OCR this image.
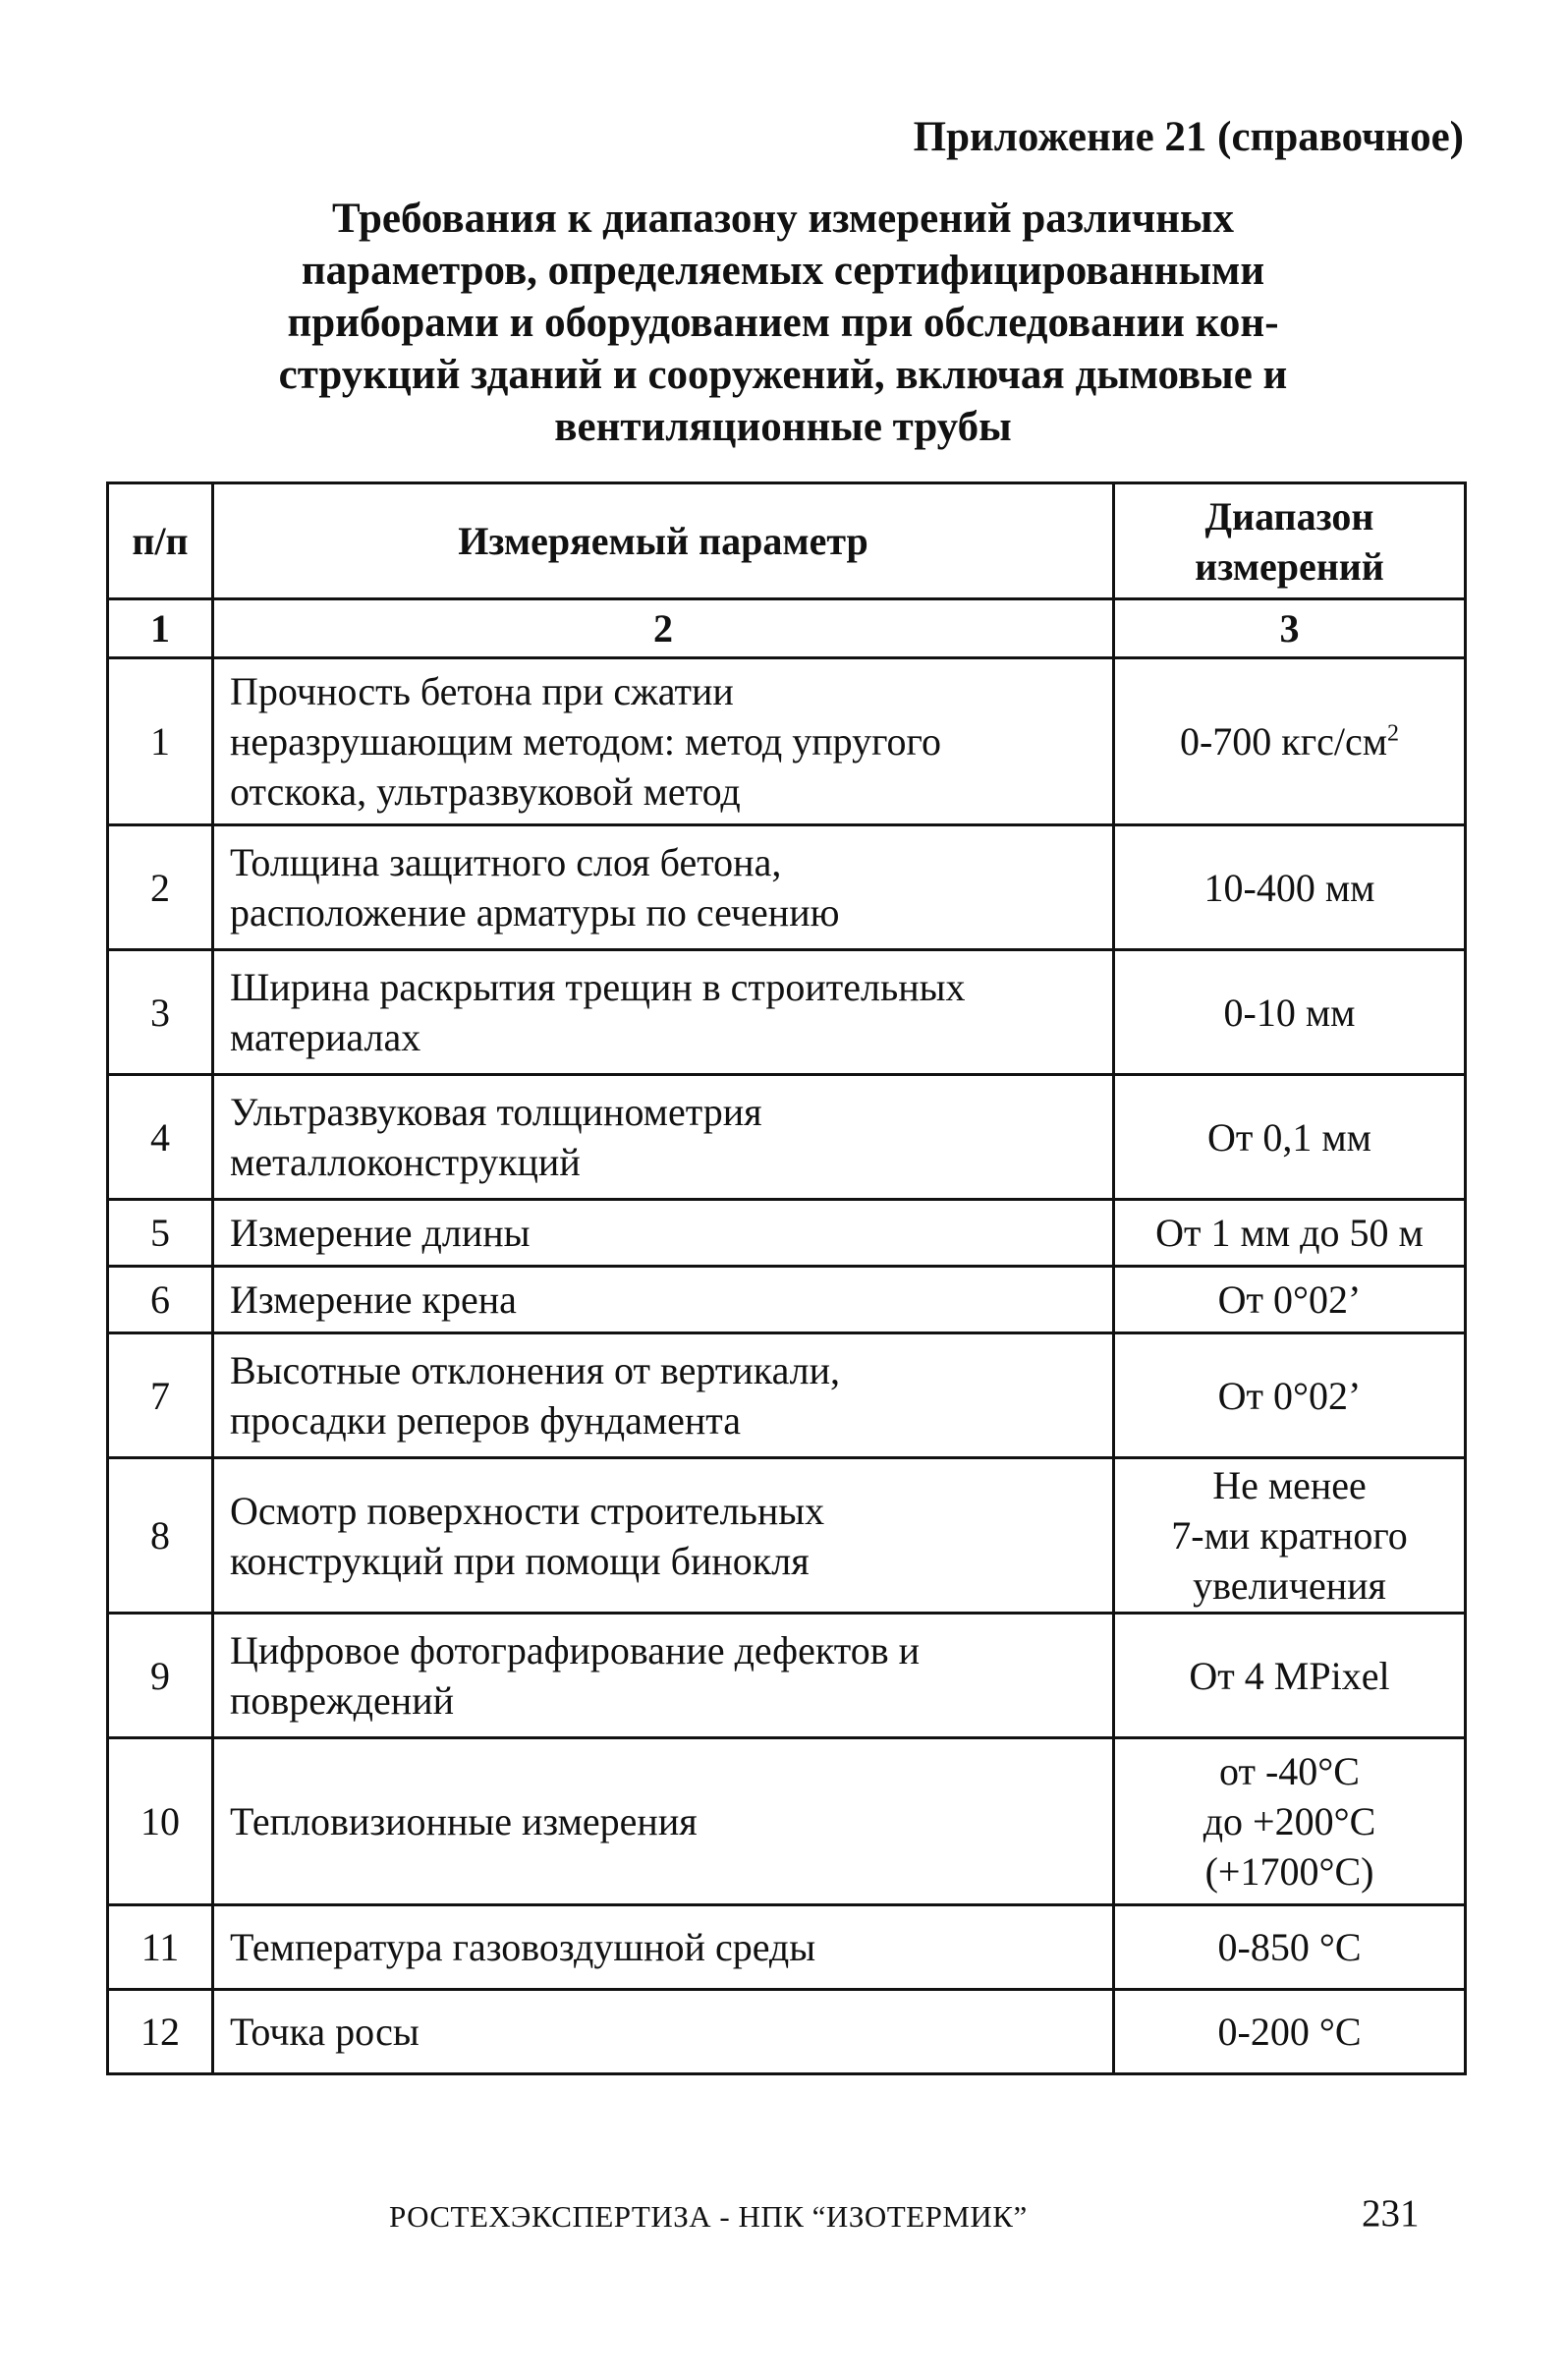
Приложение 21 (справочное)
Требования к диапазону измерений различных
параметров, определяемых сертифицированными
приборами и оборудованием при обследовании кон-
струкций зданий и сооружений, включая дымовые и
вентиляционные трубы
п/п	Измеряемый параметр	Диапазон
измерений

1	2	3
1	Прочность бетона при сжатии
неразрушающим методом: метод упругого
отскока, ультразвуковой метод	0-700 кгс/$см^2$
2	Толщина защитного слоя бетона,
расположение арматуры по сечению	10-400 мм

3	Ширина раскрытия трещин в строительных
материалах	0-10 мм

4	Ультразвуковая толщинометрия
металлоконструкций	От 0,1 мм

5	Измерение длины	От 1 мм до 50 м

6	Измерение крена	От 0°02’

7	Высотные отклонения от вертикали,
просадки реперов фундамента	От 0°02’

8	Осмотр поверхности строительных
конструкций при помощи бинокля	Не менее
7-ми кратного
увеличения

9	Цифровое фотографирование дефектов и
повреждений	От 4 MPixel

10	Тепловизионные измерения	от -40°C
до +200°C
(+1700°C)

11	Температура газовоздушной среды	0-850 °C

12	Точка росы	0-200 °C
РОСТЕХЭКСПЕРТИЗА - НПК “ИЗОТЕРМИК”	231
